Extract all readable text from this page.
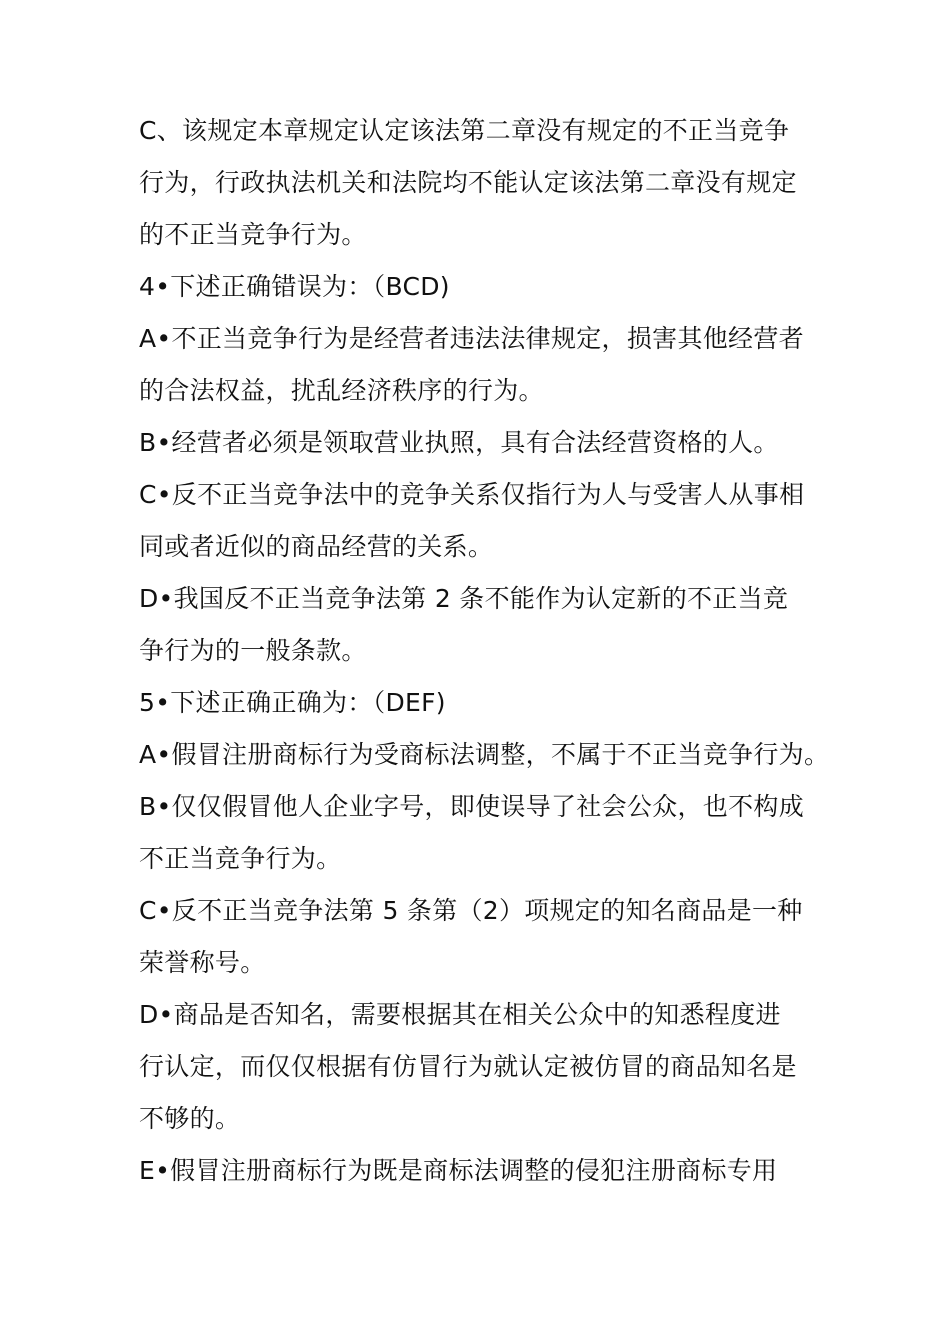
C、该规定本章规定认定该法第二章没有规定的不正当竞争
行为，行政执法机关和法院均不能认定该法第二章没有规定
的不正当竞争行为。
4•下述正确错误为：（BCD)
A•不正当竞争行为是经营者违法法律规定，损害其他经营者
的合法权益，扰乱经济秩序的行为。
B•经营者必须是领取营业执照，具有合法经营资格的人。
C•反不正当竞争法中的竞争关系仅指行为人与受害人从事相
同或者近似的商品经营的关系。
D•我国反不正当竞争法第 2 条不能作为认定新的不正当竞
争行为的一般条款。
5•下述正确正确为：（DEF)
A•假冒注册商标行为受商标法调整，不属于不正当竞争行为。
B•仅仅假冒他人企业字号，即使误导了社会公众，也不构成
不正当竞争行为。
C•反不正当竞争法第 5 条第（2）项规定的知名商品是一种
荣誉称号。
D•商品是否知名，需要根据其在相关公众中的知悉程度进
行认定，而仅仅根据有仿冒行为就认定被仿冒的商品知名是
不够的。
E•假冒注册商标行为既是商标法调整的侵犯注册商标专用
